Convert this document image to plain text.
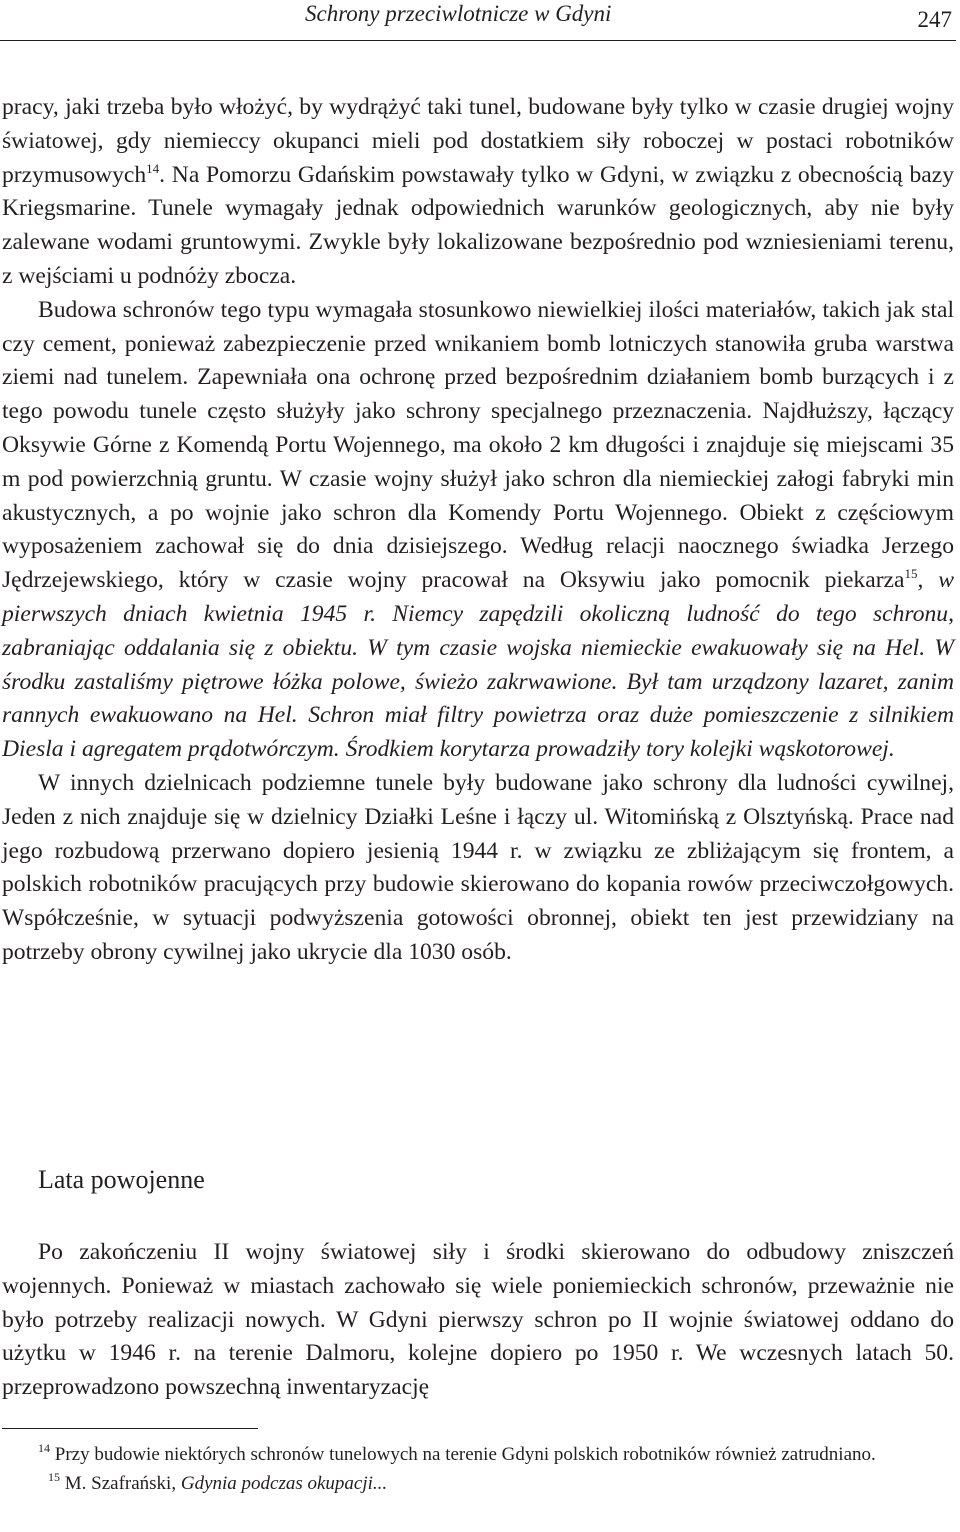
Schrony przeciwlotnicze w Gdyni	247

pracy, jaki trzeba było włożyć, by wydrążyć taki tunel, budowane były tylko w czasie drugiej wojny światowej, gdy niemieccy okupanci mieli pod dostatkiem siły roboczej w postaci robotników przymusowych$^{14}$. Na Pomorzu Gdańskim powstawały tylko w Gdyni, w związku z obecnością bazy Kriegsmarine. Tunele wymagały jednak odpowiednich warunków geologicznych, aby nie były zalewane wodami gruntowymi. Zwykle były lokalizowane bezpośrednio pod wzniesieniami terenu, z wejściami u podnóży zbocza.

Budowa schronów tego typu wymagała stosunkowo niewielkiej ilości materiałów, takich jak stal czy cement, ponieważ zabezpieczenie przed wnikaniem bomb lotniczych stanowiła gruba warstwa ziemi nad tunelem. Zapewniała ona ochronę przed bezpośrednim działaniem bomb burzących i z tego powodu tunele często służyły jako schrony specjalnego przeznaczenia. Najdłuższy, łączący Oksywie Górne z Komendą Portu Wojennego, ma około 2 km długości i znajduje się miejscami 35 m pod powierzchnią gruntu. W czasie wojny służył jako schron dla niemieckiej załogi fabryki min akustycznych, a po wojnie jako schron dla Komendy Portu Wojennego. Obiekt z częściowym wyposażeniem zachował się do dnia dzisiejszego. Według relacji naocznego świadka Jerzego Jędrzejewskiego, który w czasie wojny pracował na Oksywiu jako pomocnik piekarza$^{15}$, w pierwszych dniach kwietnia 1945 r. Niemcy zapędzili okoliczną ludność do tego schronu, zabraniając oddalania się z obiektu. W tym czasie wojska niemieckie ewakuowały się na Hel. W środku zastaliśmy piętrowe łóżka polowe, świeżo zakrwawione. Był tam urządzony lazaret, zanim rannych ewakuowano na Hel. Schron miał filtry powietrza oraz duże pomieszczenie z silnikiem Diesla i agregatem prądotwórczym. Środkiem korytarza prowadziły tory kolejki wąskotorowej.

W innych dzielnicach podziemne tunele były budowane jako schrony dla ludności cywilnej, Jeden z nich znajduje się w dzielnicy Działki Leśne i łączy ul. Witomińską z Olsztyńską. Prace nad jego rozbudową przerwano dopiero jesienią 1944 r. w związku ze zbliżającym się frontem, a polskich robotników pracujących przy budowie skierowano do kopania rowów przeciwczołgowych. Współcześnie, w sytuacji podwyższenia gotowości obronnej, obiekt ten jest przewidziany na potrzeby obrony cywilnej jako ukrycie dla 1030 osób.

Lata powojenne

Po zakończeniu II wojny światowej siły i środki skierowano do odbudowy zniszczeń wojennych. Ponieważ w miastach zachowało się wiele poniemieckich schronów, przeważnie nie było potrzeby realizacji nowych. W Gdyni pierwszy schron po II wojnie światowej oddano do użytku w 1946 r. na terenie Dalmoru, kolejne dopiero po 1950 r. We wczesnych latach 50. przeprowadzono powszechną inwentaryzację

$^{14}$ Przy budowie niektórych schronów tunelowych na terenie Gdyni polskich robotników również zatrudniano.

$^{15}$ M. Szafrański, Gdynia podczas okupacji...
